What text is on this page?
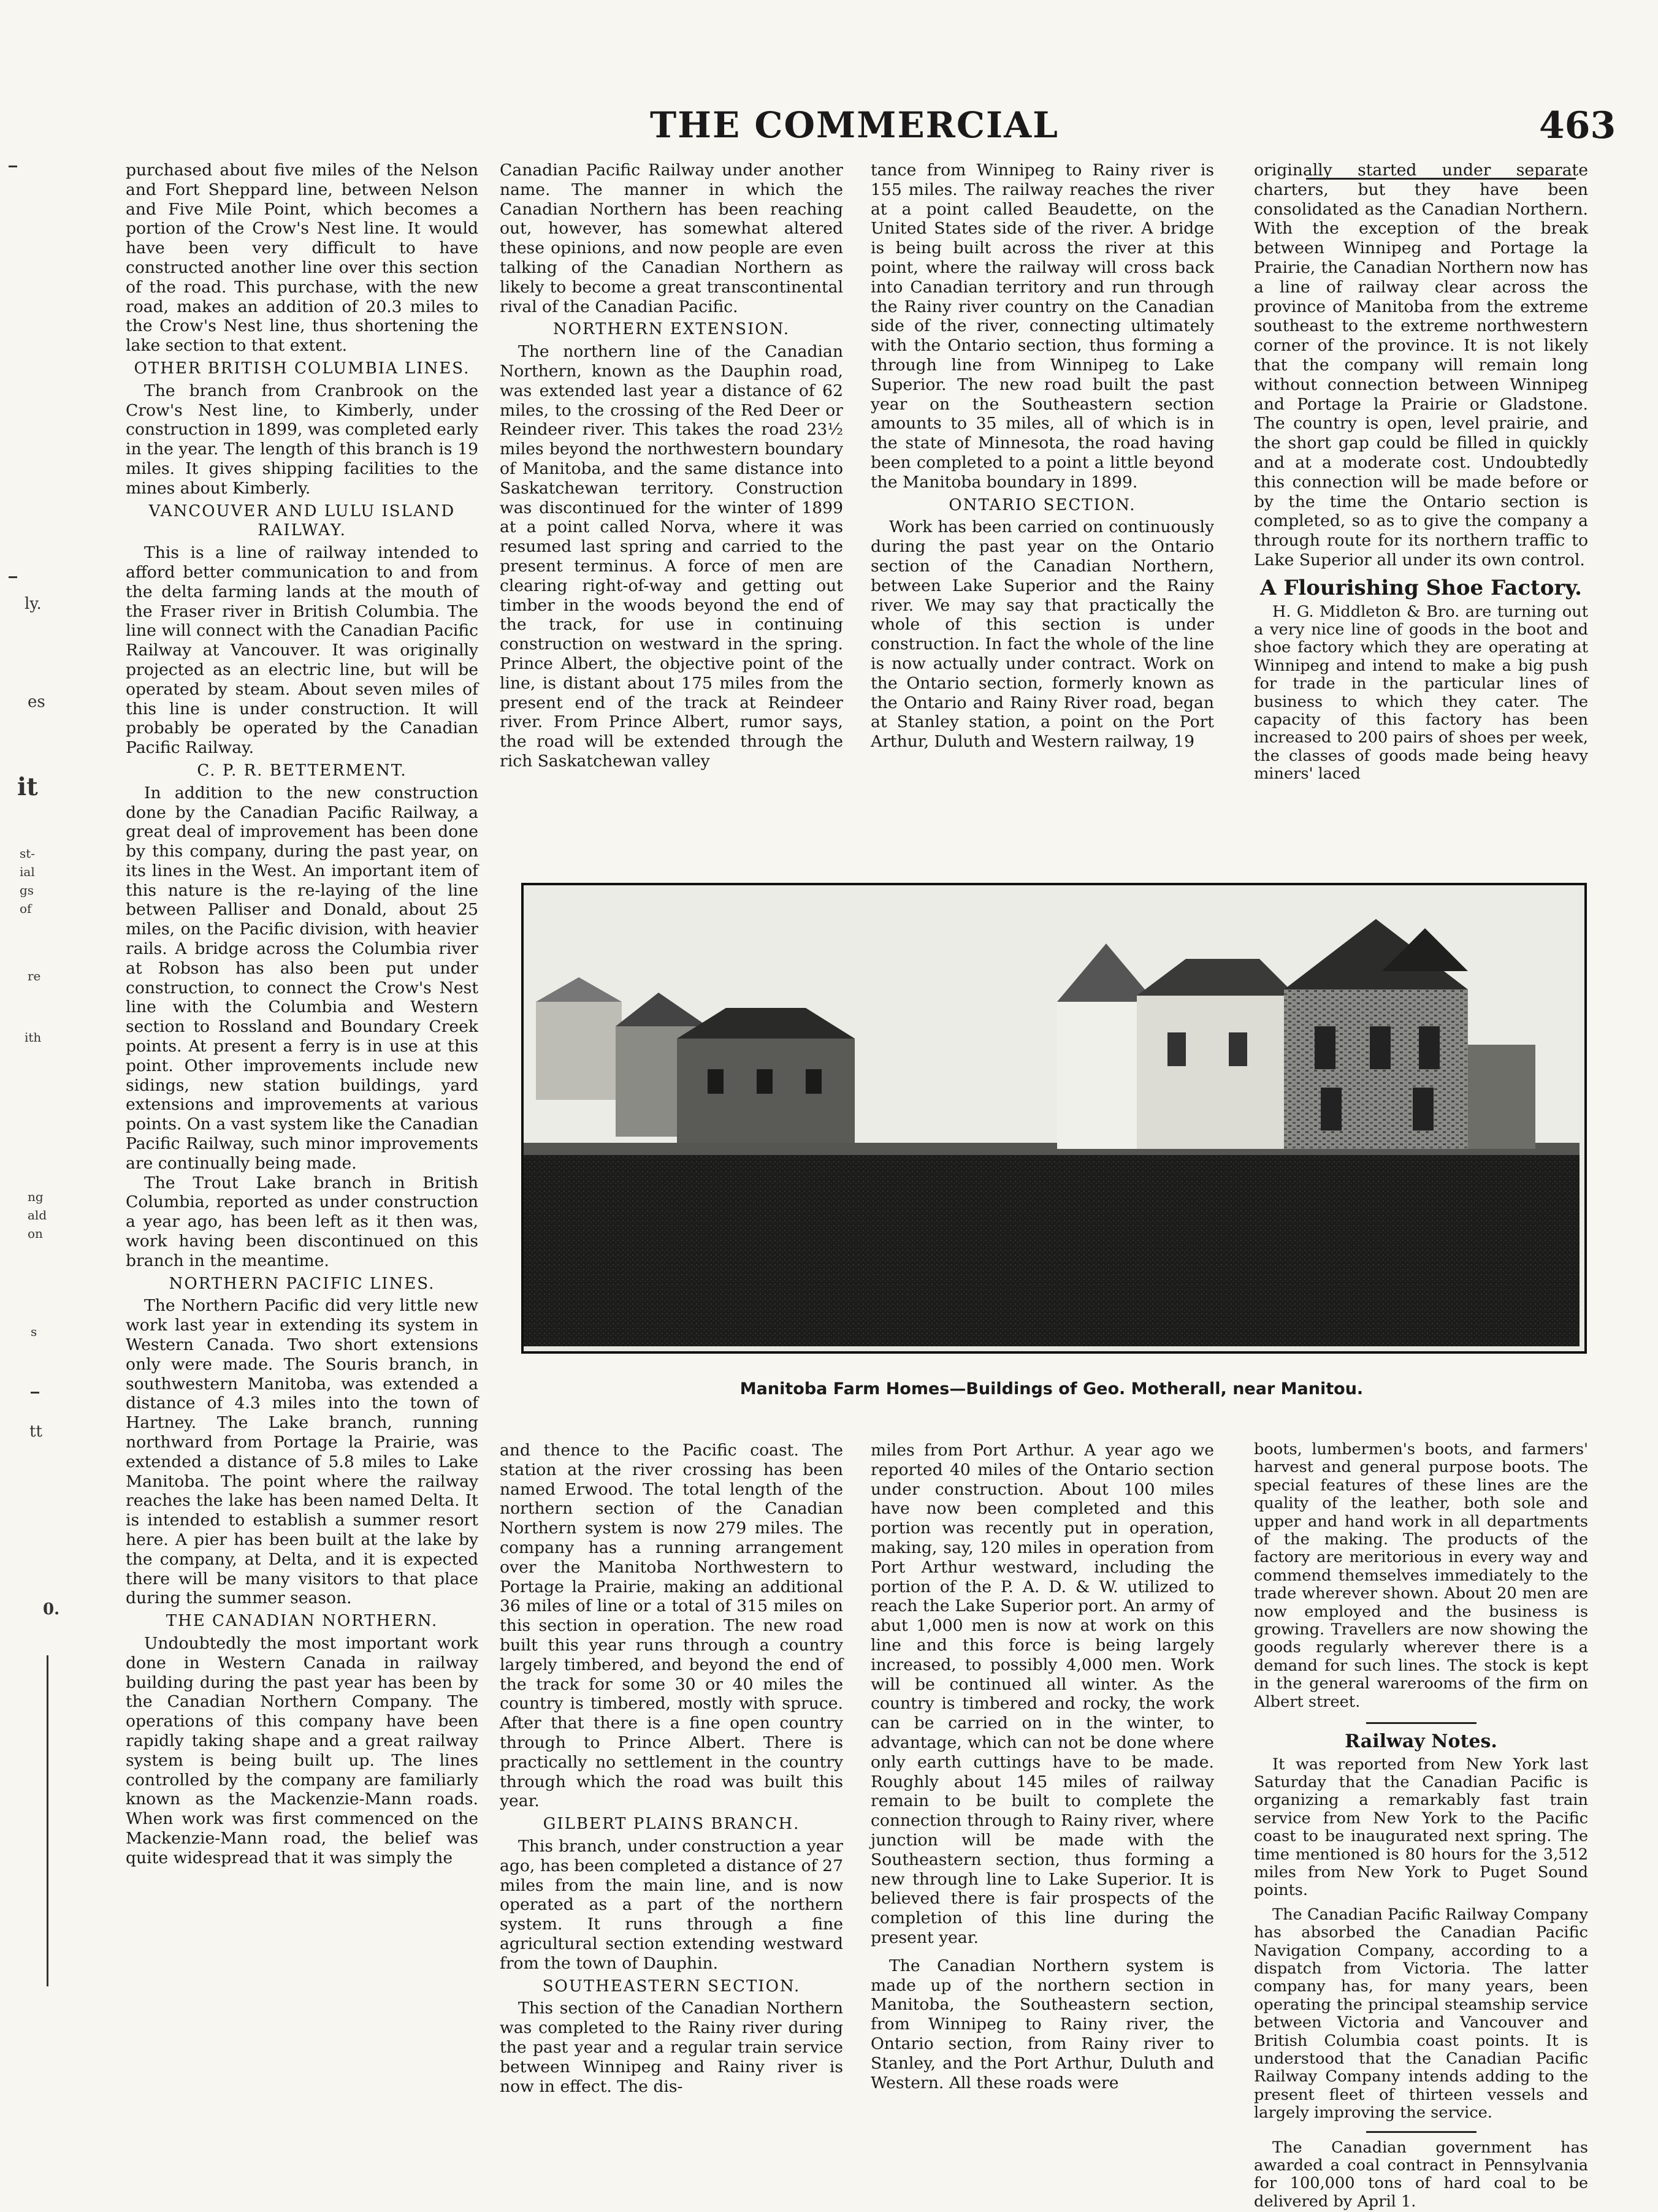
THE COMMERCIAL	463
ly.
es
it
st-
ial
gs
of
re
ith
ng
ald
on
s
tt
0.

purchased about five miles of the Nelson and Fort Sheppard line, between Nelson and Five Mile Point, which becomes a portion of the Crow's Nest line. It would have been very difficult to have constructed another line over this section of the road. This purchase, with the new road, makes an addition of 20.3 miles to the Crow's Nest line, thus shortening the lake section to that extent.

OTHER BRITISH COLUMBIA LINES.

The branch from Cranbrook on the Crow's Nest line, to Kimberly, under construction in 1899, was completed early in the year. The length of this branch is 19 miles. It gives shipping facilities to the mines about Kimberly.

VANCOUVER AND LULU ISLAND RAILWAY.

This is a line of railway intended to afford better communication to and from the delta farming lands at the mouth of the Fraser river in British Columbia. The line will connect with the Canadian Pacific Railway at Vancouver. It was originally projected as an electric line, but will be operated by steam. About seven miles of this line is under construction. It will probably be operated by the Canadian Pacific Railway.

C. P. R. BETTERMENT.

In addition to the new construction done by the Canadian Pacific Railway, a great deal of improvement has been done by this company, during the past year, on its lines in the West. An important item of this nature is the re-laying of the line between Palliser and Donald, about 25 miles, on the Pacific division, with heavier rails. A bridge across the Columbia river at Robson has also been put under construction, to connect the Crow's Nest line with the Columbia and Western section to Rossland and Boundary Creek points. At present a ferry is in use at this point. Other improvements include new sidings, new station buildings, yard extensions and improvements at various points. On a vast system like the Canadian Pacific Railway, such minor improvements are continually being made.

The Trout Lake branch in British Columbia, reported as under construction a year ago, has been left as it then was, work having been discontinued on this branch in the meantime.

NORTHERN PACIFIC LINES.

The Northern Pacific did very little new work last year in extending its system in Western Canada. Two short extensions only were made. The Souris branch, in southwestern Manitoba, was extended a distance of 4.3 miles into the town of Hartney. The Lake branch, running northward from Portage la Prairie, was extended a distance of 5.8 miles to Lake Manitoba. The point where the railway reaches the lake has been named Delta. It is intended to establish a summer resort here. A pier has been built at the lake by the company, at Delta, and it is expected there will be many visitors to that place during the summer season.

THE CANADIAN NORTHERN.

Undoubtedly the most important work done in Western Canada in railway building during the past year has been by the Canadian Northern Company. The operations of this company have been rapidly taking shape and a great railway system is being built up. The lines controlled by the company are familiarly known as the Mackenzie-Mann roads. When work was first commenced on the Mackenzie-Mann road, the belief was quite widespread that it was simply the

Canadian Pacific Railway under another name. The manner in which the Canadian Northern has been reaching out, however, has somewhat altered these opinions, and now people are even talking of the Canadian Northern as likely to become a great transcontinental rival of the Canadian Pacific.

NORTHERN EXTENSION.

The northern line of the Canadian Northern, known as the Dauphin road, was extended last year a distance of 62 miles, to the crossing of the Red Deer or Reindeer river. This takes the road 23½ miles beyond the northwestern boundary of Manitoba, and the same distance into Saskatchewan territory. Construction was discontinued for the winter of 1899 at a point called Norva, where it was resumed last spring and carried to the present terminus. A force of men are clearing right-of-way and getting out timber in the woods beyond the end of the track, for use in continuing construction on westward in the spring. Prince Albert, the objective point of the line, is distant about 175 miles from the present end of the track at Reindeer river. From Prince Albert, rumor says, the road will be extended through the rich Saskatchewan valley

tance from Winnipeg to Rainy river is 155 miles. The railway reaches the river at a point called Beaudette, on the United States side of the river. A bridge is being built across the river at this point, where the railway will cross back into Canadian territory and run through the Rainy river country on the Canadian side of the river, connecting ultimately with the Ontario section, thus forming a through line from Winnipeg to Lake Superior. The new road built the past year on the Southeastern section amounts to 35 miles, all of which is in the state of Minnesota, the road having been completed to a point a little beyond the Manitoba boundary in 1899.

ONTARIO SECTION.

Work has been carried on continuously during the past year on the Ontario section of the Canadian Northern, between Lake Superior and the Rainy river. We may say that practically the whole of this section is under construction. In fact the whole of the line is now actually under contract. Work on the Ontario section, formerly known as the Ontario and Rainy River road, began at Stanley station, a point on the Port Arthur, Duluth and Western railway, 19

originally started under separate charters, but they have been consolidated as the Canadian Northern. With the exception of the break between Winnipeg and Portage la Prairie, the Canadian Northern now has a line of railway clear across the province of Manitoba from the extreme southeast to the extreme northwestern corner of the province. It is not likely that the company will remain long without connection between Winnipeg and Portage la Prairie or Gladstone. The country is open, level prairie, and the short gap could be filled in quickly and at a moderate cost. Undoubtedly this connection will be made before or by the time the Ontario section is completed, so as to give the company a through route for its northern traffic to Lake Superior all under its own control.

A Flourishing Shoe Factory.

H. G. Middleton & Bro. are turning out a very nice line of goods in the boot and shoe factory which they are operating at Winnipeg and intend to make a big push for trade in the particular lines of business to which they cater. The capacity of this factory has been increased to 200 pairs of shoes per week, the classes of goods made being heavy miners' laced

Manitoba Farm Homes—Buildings of Geo. Motherall, near Manitou.

and thence to the Pacific coast. The station at the river crossing has been named Erwood. The total length of the northern section of the Canadian Northern system is now 279 miles. The company has a running arrangement over the Manitoba Northwestern to Portage la Prairie, making an additional 36 miles of line or a total of 315 miles on this section in operation. The new road built this year runs through a country largely timbered, and beyond the end of the track for some 30 or 40 miles the country is timbered, mostly with spruce. After that there is a fine open country through to Prince Albert. There is practically no settlement in the country through which the road was built this year.

GILBERT PLAINS BRANCH.

This branch, under construction a year ago, has been completed a distance of 27 miles from the main line, and is now operated as a part of the northern system. It runs through a fine agricultural section extending westward from the town of Dauphin.

SOUTHEASTERN SECTION.

This section of the Canadian Northern was completed to the Rainy river during the past year and a regular train service between Winnipeg and Rainy river is now in effect. The dis-

miles from Port Arthur. A year ago we reported 40 miles of the Ontario section under construction. About 100 miles have now been completed and this portion was recently put in operation, making, say, 120 miles in operation from Port Arthur westward, including the portion of the P. A. D. & W. utilized to reach the Lake Superior port. An army of abut 1,000 men is now at work on this line and this force is being largely increased, to possibly 4,000 men. Work will be continued all winter. As the country is timbered and rocky, the work can be carried on in the winter, to advantage, which can not be done where only earth cuttings have to be made. Roughly about 145 miles of railway remain to be built to complete the connection through to Rainy river, where junction will be made with the Southeastern section, thus forming a new through line to Lake Superior. It is believed there is fair prospects of the completion of this line during the present year.

The Canadian Northern system is made up of the northern section in Manitoba, the Southeastern section, from Winnipeg to Rainy river, the Ontario section, from Rainy river to Stanley, and the Port Arthur, Duluth and Western. All these roads were

boots, lumbermen's boots, and farmers' harvest and general purpose boots. The special features of these lines are the quality of the leather, both sole and upper and hand work in all departments of the making. The products of the factory are meritorious in every way and commend themselves immediately to the trade wherever shown. About 20 men are now employed and the business is growing. Travellers are now showing the goods regularly wherever there is a demand for such lines. The stock is kept in the general warerooms of the firm on Albert street.

Railway Notes.

It was reported from New York last Saturday that the Canadian Pacific is organizing a remarkably fast train service from New York to the Pacific coast to be inaugurated next spring. The time mentioned is 80 hours for the 3,512 miles from New York to Puget Sound points.

The Canadian Pacific Railway Company has absorbed the Canadian Pacific Navigation Company, according to a dispatch from Victoria. The latter company has, for many years, been operating the principal steamship service between Victoria and Vancouver and British Columbia coast points. It is understood that the Canadian Pacific Railway Company intends adding to the present fleet of thirteen vessels and largely improving the service.

The Canadian government has awarded a coal contract in Pennsylvania for 100,000 tons of hard coal to be delivered by April 1.
